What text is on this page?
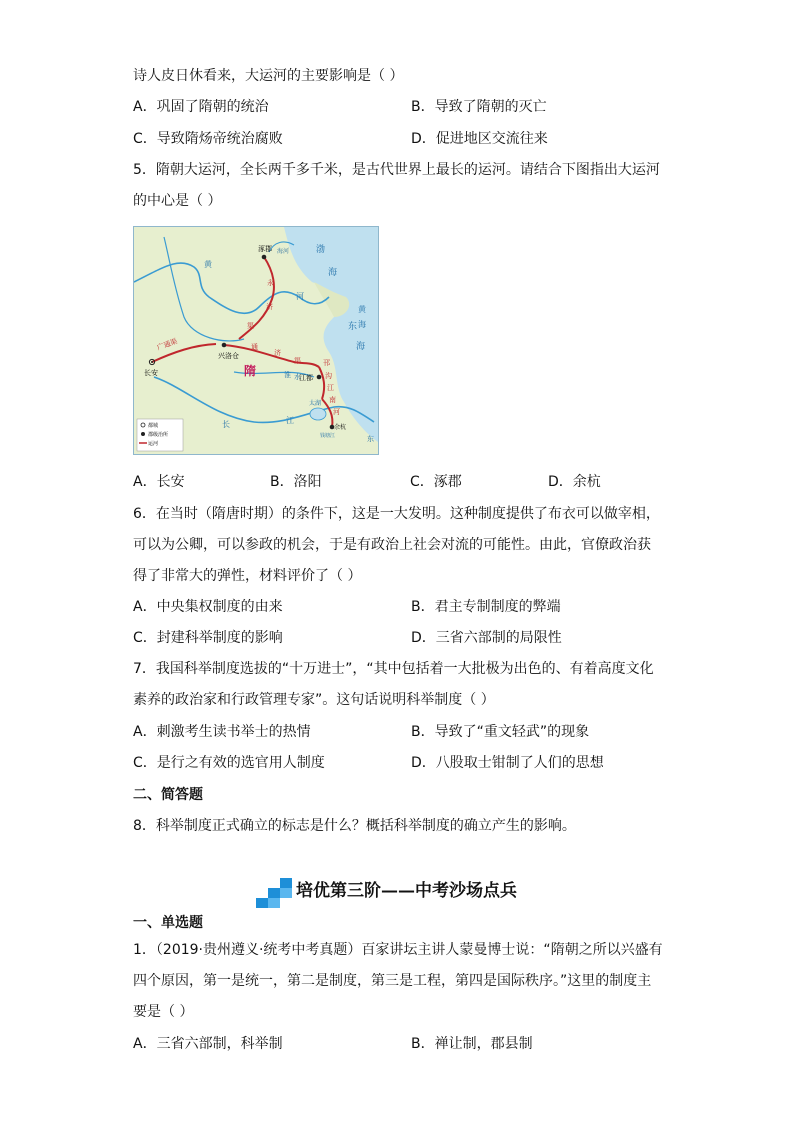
诗人皮日休看来，大运河的主要影响是（ ）
A．巩固了隋朝的统治	B．导致了隋朝的灭亡
C．导致隋炀帝统治腐败	D．促进地区交流往来
5．隋朝大运河，全长两千多千米，是古代世界上最长的运河。请结合下图指出大运河
的中心是（ ）
涿郡 海河	渤
海
永
济
渠
黄
河
黄
海
东
海
广通渠
兴洛仓
长安
通
济
渠
隋	淮 水
江都
邗
沟
江
南
河
太湖
余杭
钱塘江
长	江
东
都城
郡级治所
运河
A．长安	B．洛阳	C．涿郡	D．余杭
6．在当时（隋唐时期）的条件下，这是一大发明。这种制度提供了布衣可以做宰相，
可以为公卿，可以参政的机会，于是有政治上社会对流的可能性。由此，官僚政治获
得了非常大的弹性，材料评价了（ ）
A．中央集权制度的由来	B．君主专制制度的弊端
C．封建科举制度的影响	D．三省六部制的局限性
7．我国科举制度选拔的“十万进士”，“其中包括着一大批极为出色的、有着高度文化
素养的政治家和行政管理专家”。这句话说明科举制度（ ）
A．刺激考生读书举士的热情	B．导致了“重文轻武”的现象
C．是行之有效的选官用人制度	D．八股取士钳制了人们的思想
二、简答题
8．科举制度正式确立的标志是什么？概括科举制度的确立产生的影响。
培优第三阶——中考沙场点兵
一、单选题
1．（2019·贵州遵义·统考中考真题）百家讲坛主讲人蒙曼博士说：“隋朝之所以兴盛有
四个原因，第一是统一，第二是制度，第三是工程，第四是国际秩序。”这里的制度主
要是（ ）
A．三省六部制，科举制	B．禅让制，郡县制
